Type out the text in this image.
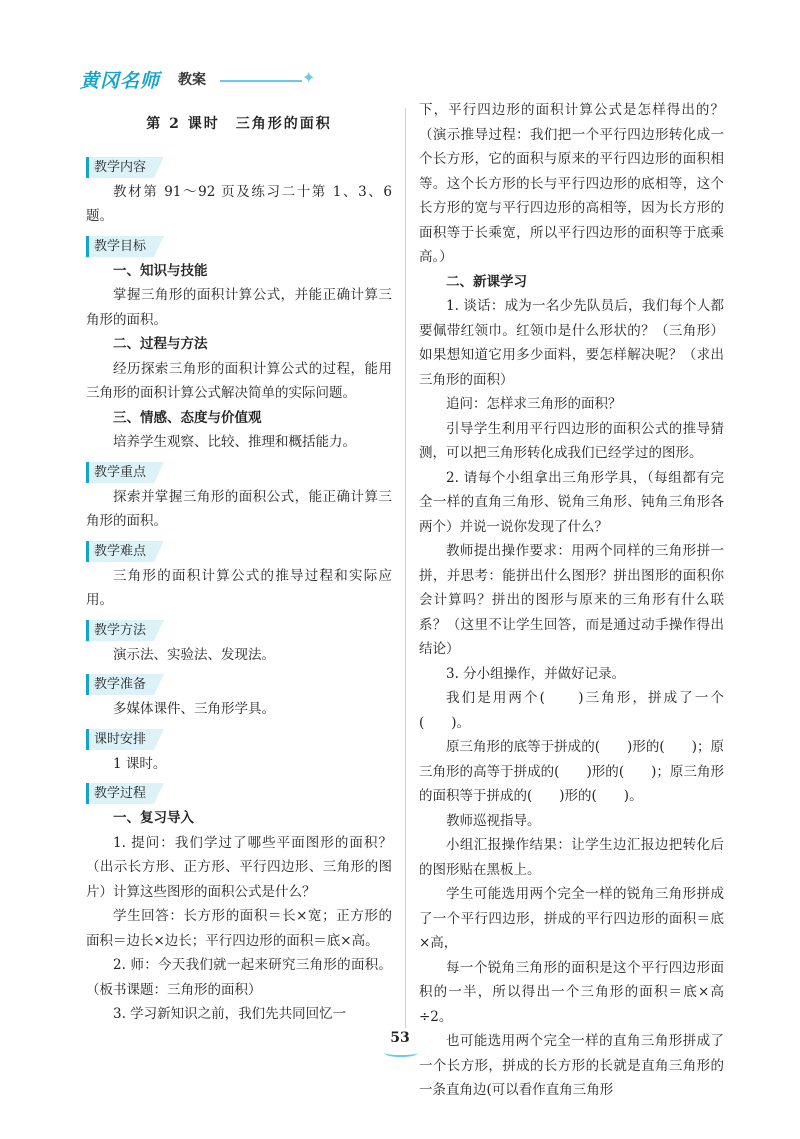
黄冈名师 教案	✦
第 2 课时　三角形的面积
教学内容

教材第 91～92 页及练习二十第 1、3、6 题。

教学目标

一、知识与技能

掌握三角形的面积计算公式，并能正确计算三角形的面积。

二、过程与方法

经历探索三角形的面积计算公式的过程，能用三角形的面积计算公式解决简单的实际问题。

三、情感、态度与价值观

培养学生观察、比较、推理和概括能力。

教学重点

探索并掌握三角形的面积公式，能正确计算三角形的面积。

教学难点

三角形的面积计算公式的推导过程和实际应用。

教学方法

演示法、实验法、发现法。

教学准备

多媒体课件、三角形学具。

课时安排

1 课时。

教学过程

一、复习导入

1. 提问：我们学过了哪些平面图形的面积？（出示长方形、正方形、平行四边形、三角形的图片）计算这些图形的面积公式是什么？

学生回答：长方形的面积＝长×宽；正方形的面积＝边长×边长；平行四边形的面积＝底×高。

2. 师：今天我们就一起来研究三角形的面积。（板书课题：三角形的面积）

3. 学习新知识之前，我们先共同回忆一

下，平行四边形的面积计算公式是怎样得出的？（演示推导过程：我们把一个平行四边形转化成一个长方形，它的面积与原来的平行四边形的面积相等。这个长方形的长与平行四边形的底相等，这个长方形的宽与平行四边形的高相等，因为长方形的面积等于长乘宽，所以平行四边形的面积等于底乘高。）

二、新课学习

1. 谈话：成为一名少先队员后，我们每个人都要佩带红领巾。红领巾是什么形状的？（三角形）如果想知道它用多少面料，要怎样解决呢？（求出三角形的面积）

追问：怎样求三角形的面积？

引导学生利用平行四边形的面积公式的推导猜测，可以把三角形转化成我们已经学过的图形。

2. 请每个小组拿出三角形学具，（每组都有完全一样的直角三角形、锐角三角形、钝角三角形各两个）并说一说你发现了什么？

教师提出操作要求：用两个同样的三角形拼一拼，并思考：能拼出什么图形？拼出图形的面积你会计算吗？拼出的图形与原来的三角形有什么联系？（这里不让学生回答，而是通过动手操作得出结论）

3. 分小组操作，并做好记录。

我们是用两个(　　)三角形，拼成了一个(　　)。

原三角形的底等于拼成的(　　)形的(　　)；原三角形的高等于拼成的(　　)形的(　　)；原三角形的面积等于拼成的(　　)形的(　　)。

教师巡视指导。

小组汇报操作结果：让学生边汇报边把转化后的图形贴在黑板上。

学生可能选用两个完全一样的锐角三角形拼成了一个平行四边形，拼成的平行四边形的面积＝底×高，

每一个锐角三角形的面积是这个平行四边形面积的一半，所以得出一个三角形的面积＝底×高÷2。

也可能选用两个完全一样的直角三角形拼成了一个长方形，拼成的长方形的长就是直角三角形的一条直角边(可以看作直角三角形

53
